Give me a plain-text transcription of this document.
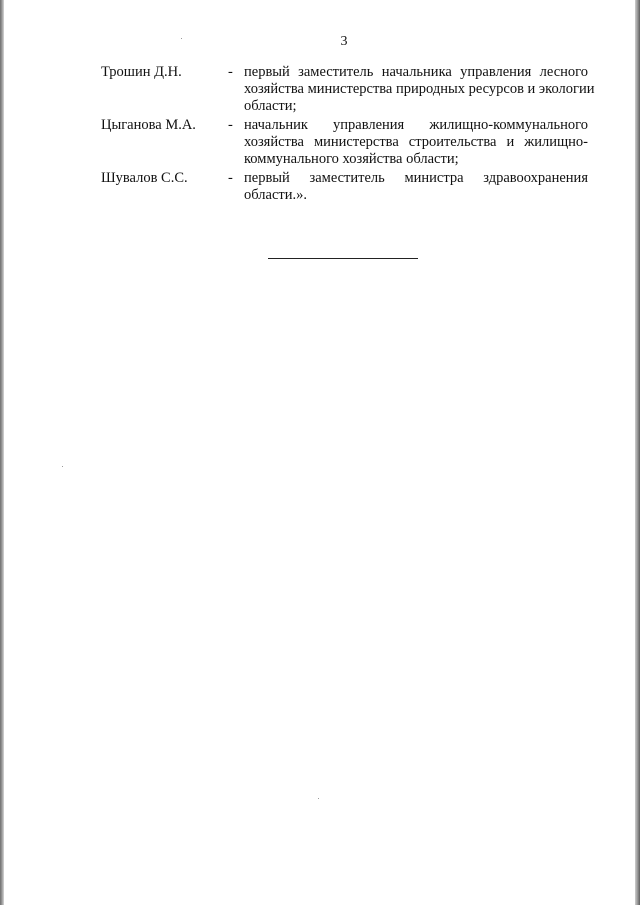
3
Трошин Д.Н.	- первый заместитель начальника управления лесного
хозяйства министерства природных ресурсов и экологии
области;
Цыганова М.А. - начальник управления жилищно-коммунального
хозяйства министерства строительства и жилищно-
коммунального хозяйства области;
Шувалов С.С.	- первый заместитель министра здравоохранения
области.».
